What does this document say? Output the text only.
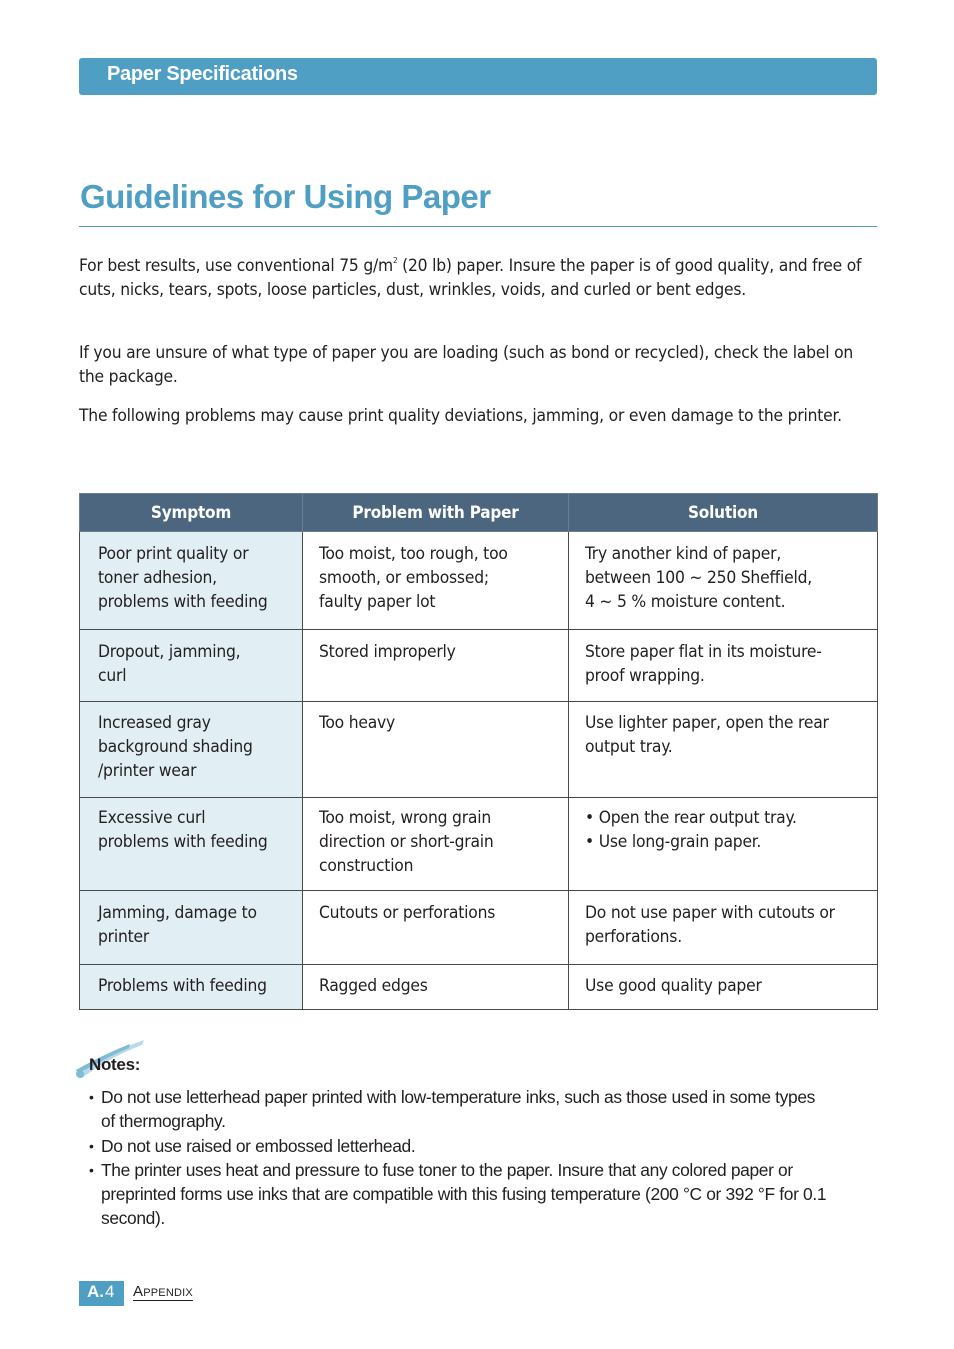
Paper Specifications
Guidelines for Using Paper

For best results, use conventional 75 $g/m^2$ (20 lb) paper. Insure the paper is of good quality, and free of cuts, nicks, tears, spots, loose particles, dust, wrinkles, voids, and curled or bent edges.

If you are unsure of what type of paper you are loading (such as bond or recycled), check the label on the package.

The following problems may cause print quality deviations, jamming, or even damage to the printer.

Symptom	Problem with Paper	Solution

Poor print quality or
toner adhesion,
problems with feeding	Too moist, too rough, too
smooth, or embossed;
faulty paper lot	Try another kind of paper,
between 100 ~ 250 Sheffield,
4 ~ 5 % moisture content.

Dropout, jamming,
curl	Stored improperly	Store paper flat in its moisture-
proof wrapping.

Increased gray
background shading
/printer wear	Too heavy	Use lighter paper, open the rear
output tray.

Excessive curl
problems with feeding	Too moist, wrong grain
direction or short-grain
construction	• Open the rear output tray.
• Use long-grain paper.

Jamming, damage to
printer	Cutouts or perforations	Do not use paper with cutouts or
perforations.

Problems with feeding	Ragged edges	Use good quality paper
Notes:
• Do not use letterhead paper printed with low-temperature inks, such as those used in some types
of thermography.
• Do not use raised or embossed letterhead.
• The printer uses heat and pressure to fuse toner to the paper. Insure that any colored paper or
preprinted forms use inks that are compatible with this fusing temperature (200 °C or 392 °F for 0.1
second).
A. 4 Appendix
